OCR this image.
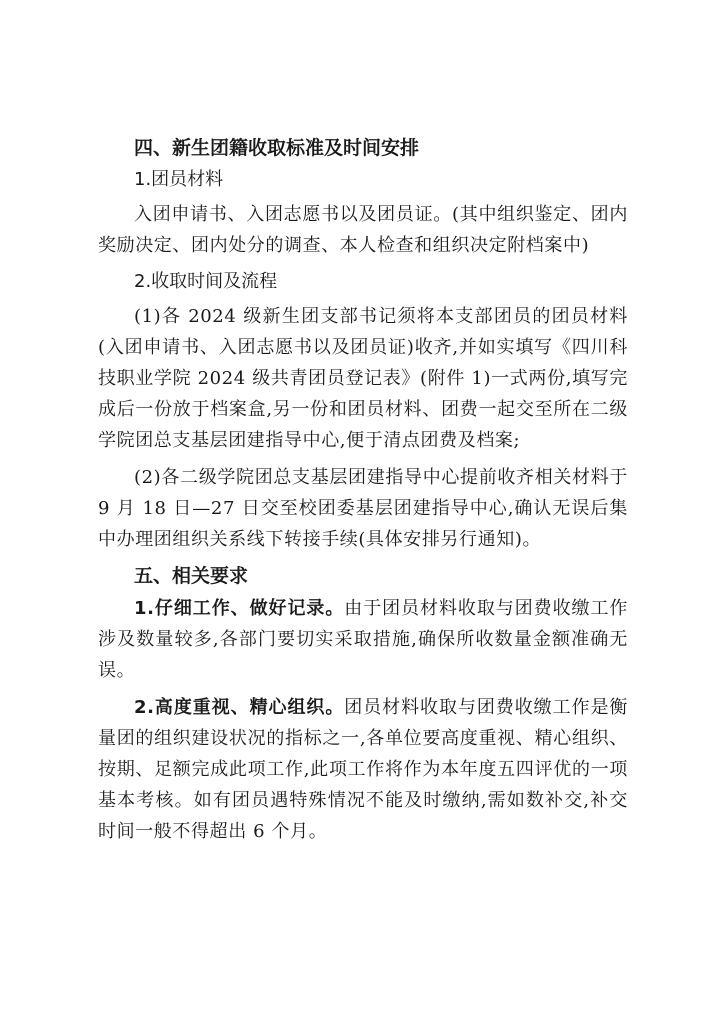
四、新生团籍收取标准及时间安排
1.团员材料

入团申请书、入团志愿书以及团员证。(其中组织鉴定、团内奖励决定、团内处分的调查、本人检查和组织决定附档案中)

2.收取时间及流程

(1)各 2024 级新生团支部书记须将本支部团员的团员材料(入团申请书、入团志愿书以及团员证)收齐,并如实填写《四川科技职业学院 2024 级共青团员登记表》(附件 1)一式两份,填写完成后一份放于档案盒,另一份和团员材料、团费一起交至所在二级学院团总支基层团建指导中心,便于清点团费及档案;

(2)各二级学院团总支基层团建指导中心提前收齐相关材料于 9 月 18 日—27 日交至校团委基层团建指导中心,确认无误后集中办理团组织关系线下转接手续(具体安排另行通知)。

五、相关要求

1.仔细工作、做好记录。由于团员材料收取与团费收缴工作涉及数量较多,各部门要切实采取措施,确保所收数量金额准确无误。

2.高度重视、精心组织。团员材料收取与团费收缴工作是衡量团的组织建设状况的指标之一,各单位要高度重视、精心组织、按期、足额完成此项工作,此项工作将作为本年度五四评优的一项基本考核。如有团员遇特殊情况不能及时缴纳,需如数补交,补交时间一般不得超出 6 个月。
